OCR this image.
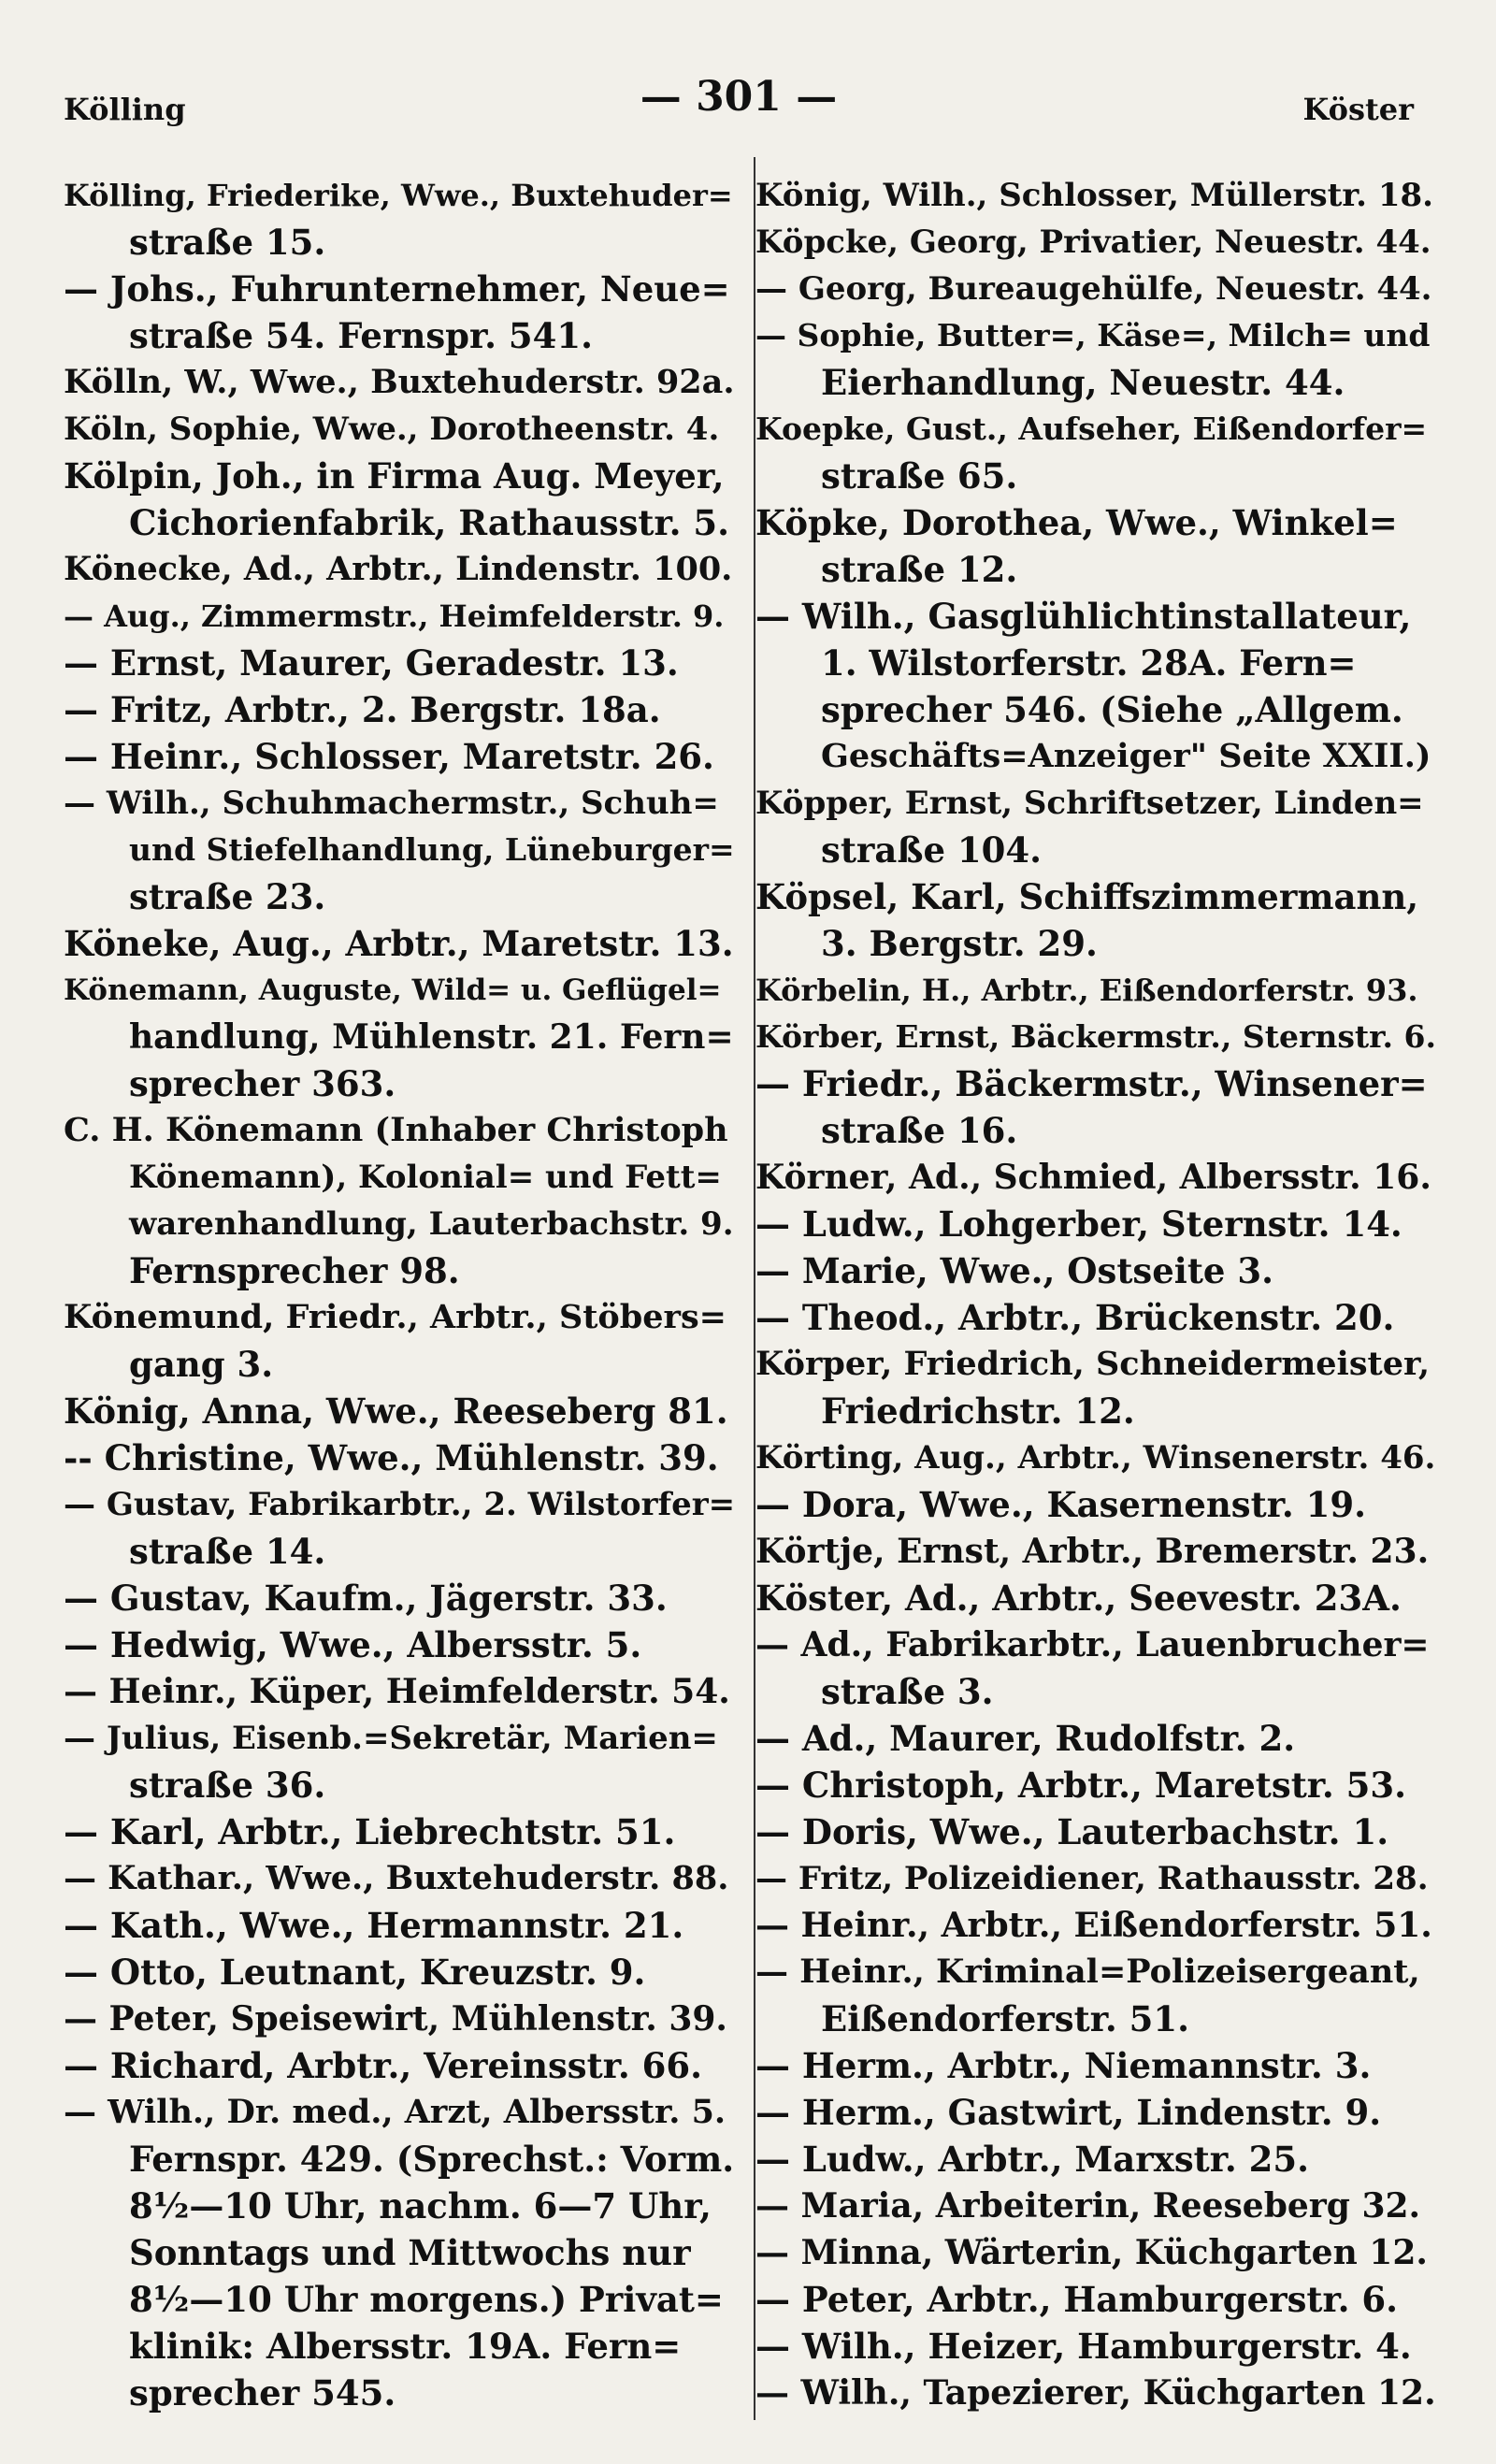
Kölling	— 301 —	Köster
Kölling, Friederike, Wwe., Buxtehuder=
straße 15.
— Johs., Fuhrunternehmer, Neue=
straße 54. Fernspr. 541.
Kölln, W., Wwe., Buxtehuderstr. 92a.
Köln, Sophie, Wwe., Dorotheenstr. 4.
Kölpin, Joh., in Firma Aug. Meyer,
Cichorienfabrik, Rathausstr. 5.
Könecke, Ad., Arbtr., Lindenstr. 100.
— Aug., Zimmermstr., Heimfelderstr. 9.
— Ernst, Maurer, Geradestr. 13.
— Fritz, Arbtr., 2. Bergstr. 18a.
— Heinr., Schlosser, Maretstr. 26.
— Wilh., Schuhmachermstr., Schuh=
und Stiefelhandlung, Lüneburger=
straße 23.
Köneke, Aug., Arbtr., Maretstr. 13.
Könemann, Auguste, Wild= u. Geflügel=
handlung, Mühlenstr. 21. Fern=
sprecher 363.
C. H. Könemann (Inhaber Christoph
Könemann), Kolonial= und Fett=
warenhandlung, Lauterbachstr. 9.
Fernsprecher 98.
Könemund, Friedr., Arbtr., Stöbers=
gang 3.
König, Anna, Wwe., Reeseberg 81.
-- Christine, Wwe., Mühlenstr. 39.
— Gustav, Fabrikarbtr., 2. Wilstorfer=
straße 14.
— Gustav, Kaufm., Jägerstr. 33.
— Hedwig, Wwe., Albersstr. 5.
— Heinr., Küper, Heimfelderstr. 54.
— Julius, Eisenb.=Sekretär, Marien=
straße 36.
— Karl, Arbtr., Liebrechtstr. 51.
— Kathar., Wwe., Buxtehuderstr. 88.
— Kath., Wwe., Hermannstr. 21.
— Otto, Leutnant, Kreuzstr. 9.
— Peter, Speisewirt, Mühlenstr. 39.
— Richard, Arbtr., Vereinsstr. 66.
— Wilh., Dr. med., Arzt, Albersstr. 5.
Fernspr. 429. (Sprechst.: Vorm.
8½—10 Uhr, nachm. 6—7 Uhr,
Sonntags und Mittwochs nur
8½—10 Uhr morgens.) Privat=
klinik: Albersstr. 19A. Fern=
sprecher 545.
König, Wilh., Schlosser, Müllerstr. 18.
Köpcke, Georg, Privatier, Neuestr. 44.
— Georg, Bureaugehülfe, Neuestr. 44.
— Sophie, Butter=, Käse=, Milch= und
Eierhandlung, Neuestr. 44.
Koepke, Gust., Aufseher, Eißendorfer=
straße 65.
Köpke, Dorothea, Wwe., Winkel=
straße 12.
— Wilh., Gasglühlichtinstallateur,
1. Wilstorferstr. 28A. Fern=
sprecher 546. (Siehe „Allgem.
Geschäfts=Anzeiger" Seite XXII.)
Köpper, Ernst, Schriftsetzer, Linden=
straße 104.
Köpsel, Karl, Schiffszimmermann,
3. Bergstr. 29.
Körbelin, H., Arbtr., Eißendorferstr. 93.
Körber, Ernst, Bäckermstr., Sternstr. 6.
— Friedr., Bäckermstr., Winsener=
straße 16.
Körner, Ad., Schmied, Albersstr. 16.
— Ludw., Lohgerber, Sternstr. 14.
— Marie, Wwe., Ostseite 3.
— Theod., Arbtr., Brückenstr. 20.
Körper, Friedrich, Schneidermeister,
Friedrichstr. 12.
Körting, Aug., Arbtr., Winsenerstr. 46.
— Dora, Wwe., Kasernenstr. 19.
Körtje, Ernst, Arbtr., Bremerstr. 23.
Köster, Ad., Arbtr., Seevestr. 23A.
— Ad., Fabrikarbtr., Lauenbrucher=
straße 3.
— Ad., Maurer, Rudolfstr. 2.
— Christoph, Arbtr., Maretstr. 53.
— Doris, Wwe., Lauterbachstr. 1.
— Fritz, Polizeidiener, Rathausstr. 28.
— Heinr., Arbtr., Eißendorferstr. 51.
— Heinr., Kriminal=Polizeisergeant,
Eißendorferstr. 51.
— Herm., Arbtr., Niemannstr. 3.
— Herm., Gastwirt, Lindenstr. 9.
— Ludw., Arbtr., Marxstr. 25.
— Maria, Arbeiterin, Reeseberg 32.
— Minna, Wärterin, Küchgarten 12.
— Peter, Arbtr., Hamburgerstr. 6.
— Wilh., Heizer, Hamburgerstr. 4.
— Wilh., Tapezierer, Küchgarten 12.
